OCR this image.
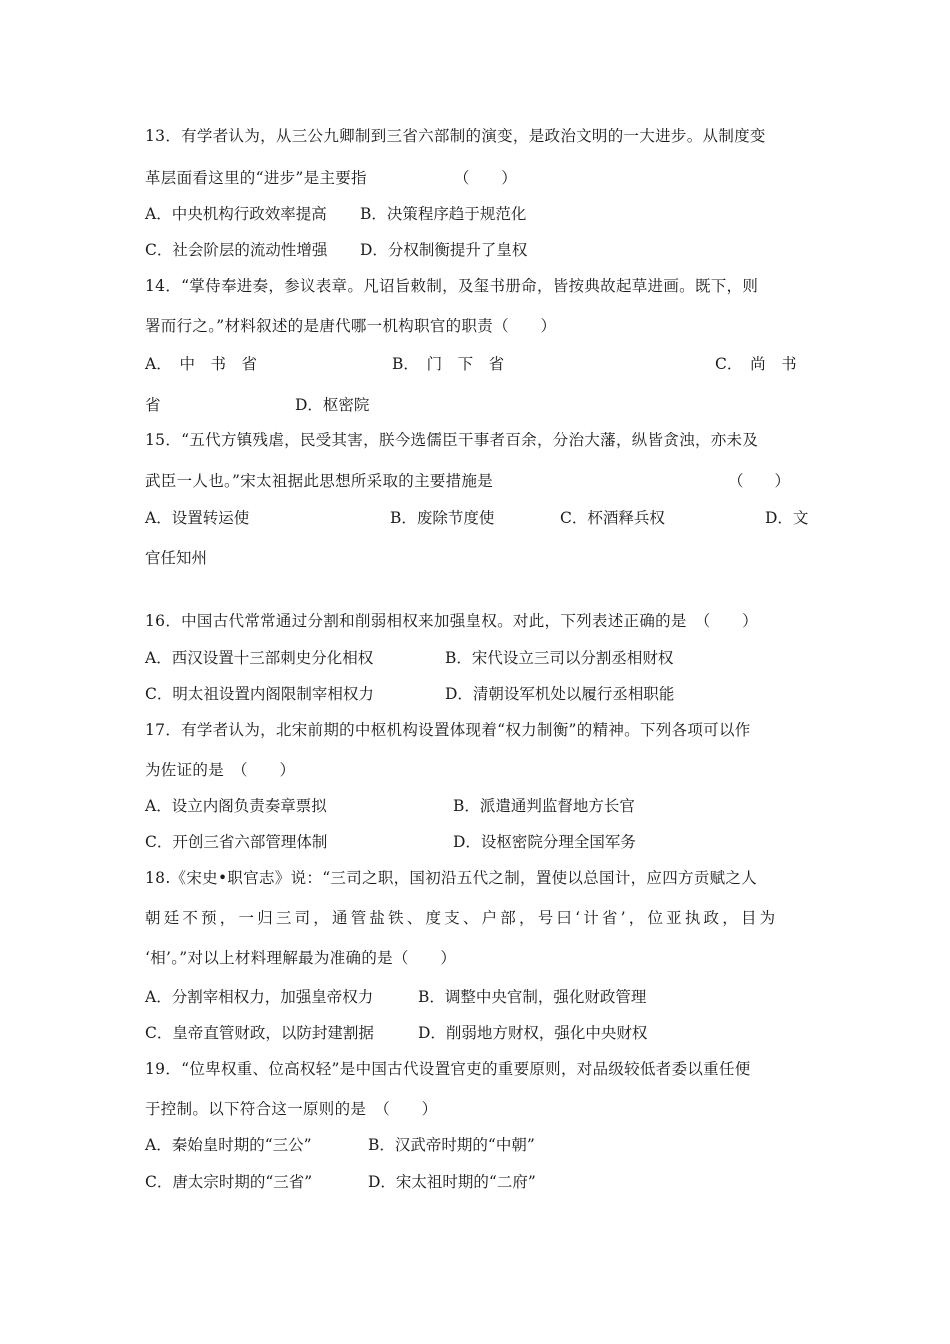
13．有学者认为，从三公九卿制到三省六部制的演变，是政治文明的一大进步。从制度变
革层面看这里的“进步”是主要指　　　　　　（　　）
A．中央机构行政效率提高 B．决策程序趋于规范化
C．社会阶层的流动性增强 D．分权制衡提升了皇权
14．“掌侍奉进奏，参议表章。凡诏旨敕制，及玺书册命，皆按典故起草进画。既下，则
署而行之。”材料叙述的是唐代哪一机构职官的职责（　　）
A．　中　书　省	B．　门　下　省	C．　尚　书
省	D．枢密院
15．“五代方镇残虐，民受其害，朕今选儒臣干事者百余，分治大藩，纵皆贪浊，亦未及
武臣一人也。”宋太祖据此思想所采取的主要措施是	（　　）
A．设置转运使	B．废除节度使	C．杯酒释兵权	D．文
官任知州
16．中国古代常常通过分割和削弱相权来加强皇权。对此，下列表述正确的是　（　　）
A．西汉设置十三部刺史分化相权	B．宋代设立三司以分割丞相财权
C．明太祖设置内阁限制宰相权力	D．清朝设军机处以履行丞相职能
17．有学者认为，北宋前期的中枢机构设置体现着“权力制衡”的精神。下列各项可以作
为佐证的是　（　　）
A．设立内阁负责奏章票拟	B．派遣通判监督地方长官
C．开创三省六部管理体制	D．设枢密院分理全国军务
18.《宋史•职官志》说：“三司之职，国初沿五代之制，置使以总国计，应四方贡赋之人
朝廷不预，一归三司，通管盐铁、度支、户部，号曰‘计省’，位亚执政，目为
‘相’。”对以上材料理解最为准确的是（　　）
A．分割宰相权力，加强皇帝权力	B．调整中央官制，强化财政管理
C．皇帝直管财政，以防封建割据	D．削弱地方财权，强化中央财权
19．“位卑权重、位高权轻”是中国古代设置官吏的重要原则，对品级较低者委以重任便
于控制。以下符合这一原则的是　（　　）
A．秦始皇时期的“三公”	B．汉武帝时期的“中朝”
C．唐太宗时期的“三省”	D．宋太祖时期的“二府”
